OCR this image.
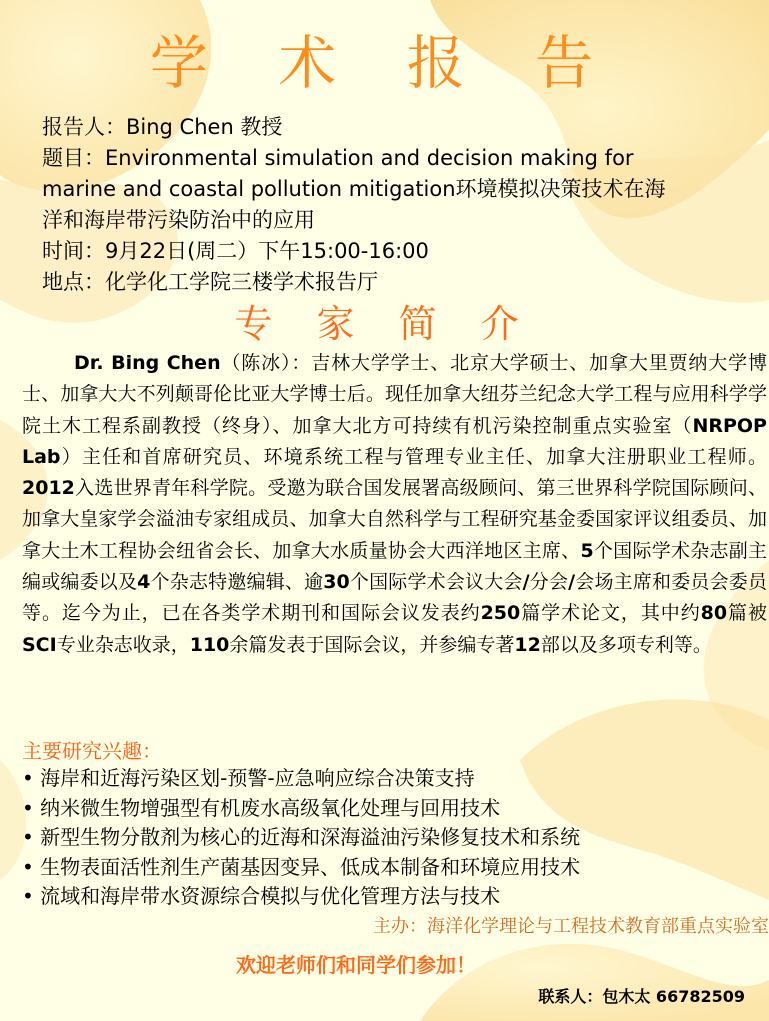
学 术 报 告
报告人：Bing Chen 教授
题目：Environmental simulation and decision making for
marine and coastal pollution mitigation环境模拟决策技术在海
洋和海岸带污染防治中的应用
时间：9月22日(周二）下午15:00-16:00
地点：化学化工学院三楼学术报告厅
专 家 简 介
Dr. Bing Chen（陈冰）：吉林大学学士、北京大学硕士、加拿大里贾纳大学博士、加拿大大不列颠哥伦比亚大学博士后。现任加拿大纽芬兰纪念大学工程与应用科学学院土木工程系副教授（终身）、加拿大北方可持续有机污染控制重点实验室（NRPOP Lab）主任和首席研究员、环境系统工程与管理专业主任、加拿大注册职业工程师。2012入选世界青年科学院。受邀为联合国发展署高级顾问、第三世界科学院国际顾问、加拿大皇家学会溢油专家组成员、加拿大自然科学与工程研究基金委国家评议组委员、加拿大土木工程协会纽省会长、加拿大水质量协会大西洋地区主席、5个国际学术杂志副主编或编委以及4个杂志特邀编辑、逾30个国际学术会议大会/分会/会场主席和委员会委员等。迄今为止，已在各类学术期刊和国际会议发表约250篇学术论文，其中约80篇被SCI专业杂志收录，110余篇发表于国际会议，并参编专著12部以及多项专利等。
主要研究兴趣：
• 海岸和近海污染区划-预警-应急响应综合决策支持
• 纳米微生物增强型有机废水高级氧化处理与回用技术
• 新型生物分散剂为核心的近海和深海溢油污染修复技术和系统
• 生物表面活性剂生产菌基因变异、低成本制备和环境应用技术
• 流域和海岸带水资源综合模拟与优化管理方法与技术
主办：海洋化学理论与工程技术教育部重点实验室
欢迎老师们和同学们参加！
联系人：包木太 66782509
